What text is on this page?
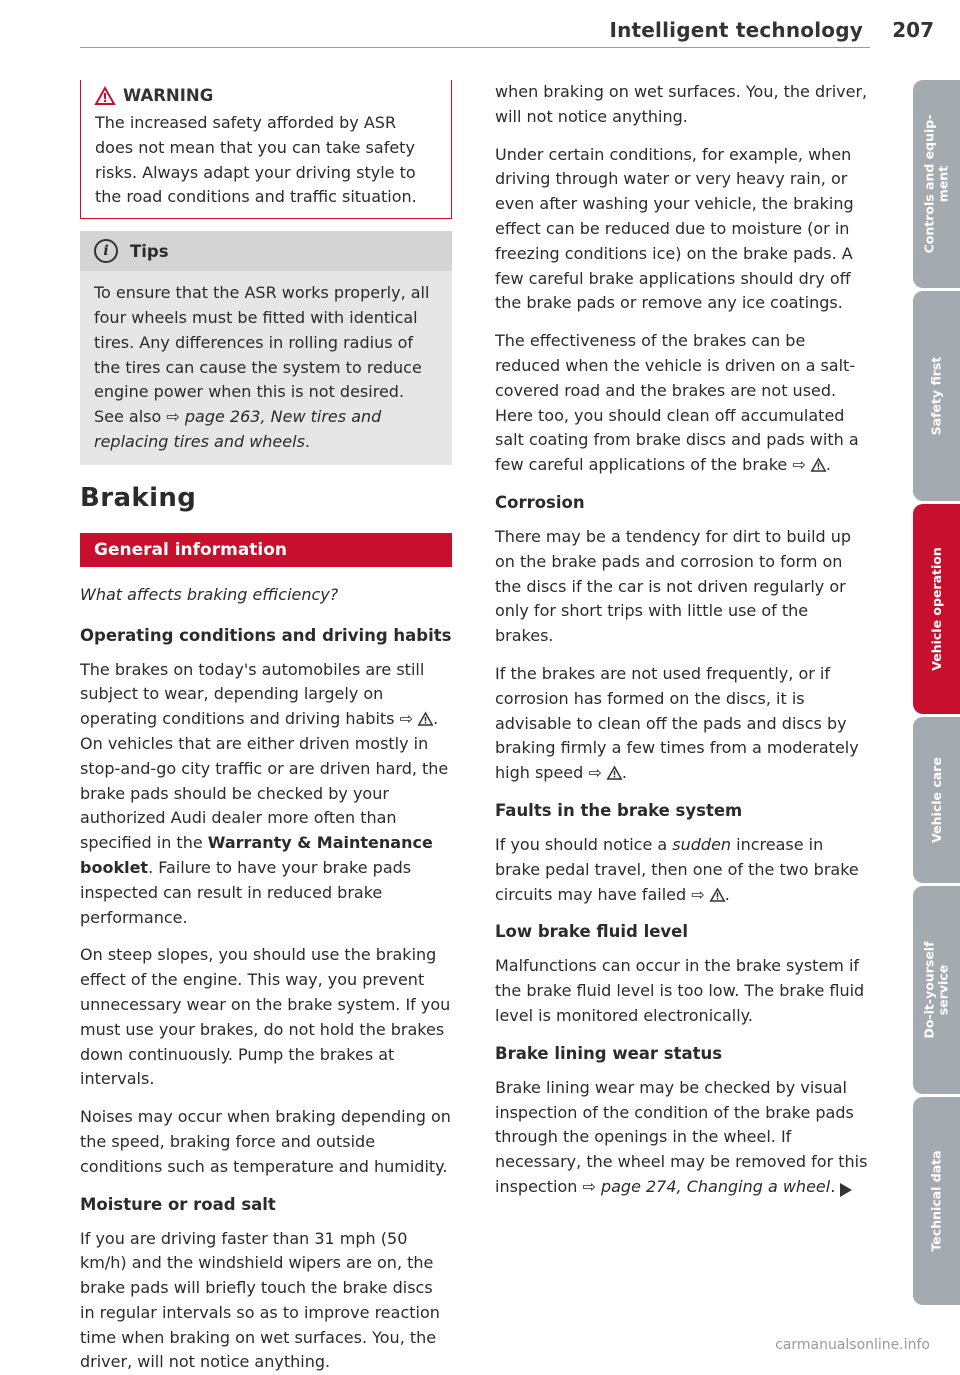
Intelligent technology 207
WARNING

The increased safety afforded by ASR does not mean that you can take safety risks. Always adapt your driving style to the road conditions and traffic situation.

i	Tips

To ensure that the ASR works properly, all four wheels must be fitted with identical tires. Any differences in rolling radius of the tires can cause the system to reduce engine power when this is not desired. See also ⇨ page 263, New tires and replacing tires and wheels.

Braking
General information

What affects braking efficiency?

Operating conditions and driving habits

The brakes on today's automobiles are still subject to wear, depending largely on operating conditions and driving habits ⇨ . On vehicles that are either driven mostly in stop-and-go city traffic or are driven hard, the brake pads should be checked by your authorized Audi dealer more often than specified in the Warranty & Maintenance booklet. Failure to have your brake pads inspected can result in reduced brake performance.

On steep slopes, you should use the braking effect of the engine. This way, you prevent unnecessary wear on the brake system. If you must use your brakes, do not hold the brakes down continuously. Pump the brakes at intervals.

Noises may occur when braking depending on the speed, braking force and outside conditions such as temperature and humidity.

Moisture or road salt

If you are driving faster than 31 mph (50 km/h) and the windshield wipers are on, the brake pads will briefly touch the brake discs in regular intervals so as to improve reaction time when braking on wet surfaces. You, the driver, will not notice anything.

when braking on wet surfaces. You, the driver, will not notice anything.

Under certain conditions, for example, when driving through water or very heavy rain, or even after washing your vehicle, the braking effect can be reduced due to moisture (or in freezing conditions ice) on the brake pads. A few careful brake applications should dry off the brake pads or remove any ice coatings.

The effectiveness of the brakes can be reduced when the vehicle is driven on a salt-covered road and the brakes are not used. Here too, you should clean off accumulated salt coating from brake discs and pads with a few careful applications of the brake ⇨ .

Corrosion

There may be a tendency for dirt to build up on the brake pads and corrosion to form on the discs if the car is not driven regularly or only for short trips with little use of the brakes.

If the brakes are not used frequently, or if corrosion has formed on the discs, it is advisable to clean off the pads and discs by braking firmly a few times from a moderately high speed ⇨ .

Faults in the brake system

If you should notice a sudden increase in brake pedal travel, then one of the two brake circuits may have failed ⇨ .

Low brake fluid level

Malfunctions can occur in the brake system if the brake fluid level is too low. The brake fluid level is monitored electronically.

Brake lining wear status

Brake lining wear may be checked by visual inspection of the condition of the brake pads through the openings in the wheel. If necessary, the wheel may be removed for this inspection ⇨ page 274, Changing a wheel.

Controls and equip-
ment
Safety first
Vehicle operation
Vehicle care
Do-it-yourself
service
Technical data
carmanualsonline.info
